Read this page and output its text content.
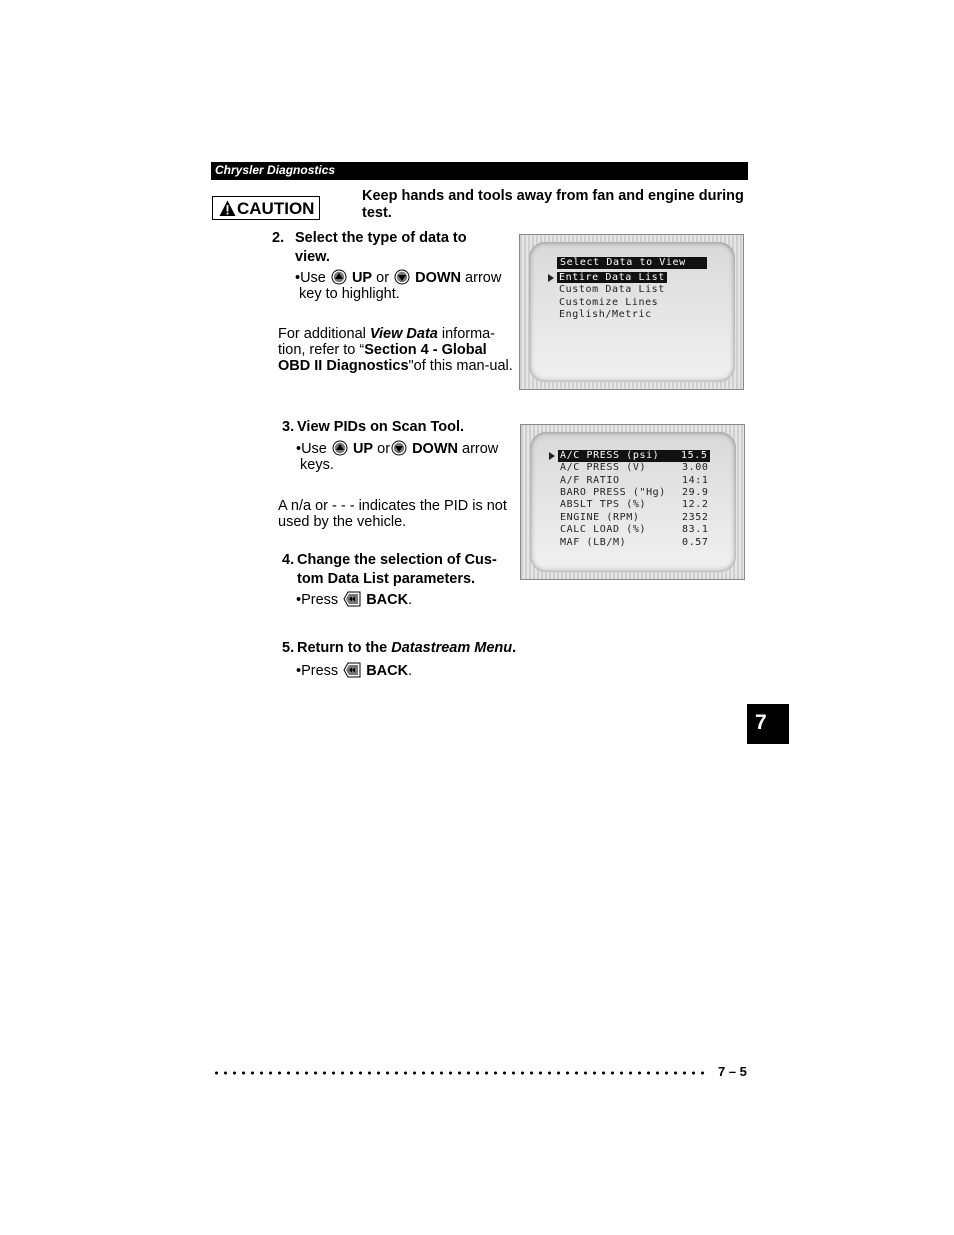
Chrysler Diagnostics
CAUTION
Keep hands and tools away from fan and engine during test.
2. Select the type of data to view.
•Use UP or DOWN arrow
key to highlight.
For additional View Data informa-tion, refer to “Section 4 - Global OBD II Diagnostics"of this man-ual.
Select Data to View
Entire Data List
Custom Data List
Customize Lines
English/Metric
3. View PIDs on Scan Tool.
•Use UP or DOWN arrow
keys.
A n/a or - - - indicates the PID is not used by the vehicle.
A/C PRESS (psi) 15.5
A/C PRESS (V)	3.00
A/F RATIO	14:1
BARO PRESS ("Hg) 29.9
ABSLT TPS (%)	12.2
ENGINE (RPM)	2352
CALC LOAD (%)	83.1
MAF (LB/M)	0.57
4. Change the selection of Cus-tom Data List parameters.
•Press BACK.
5. Return to the Datastream Menu.
•Press BACK.
7
7 – 5
